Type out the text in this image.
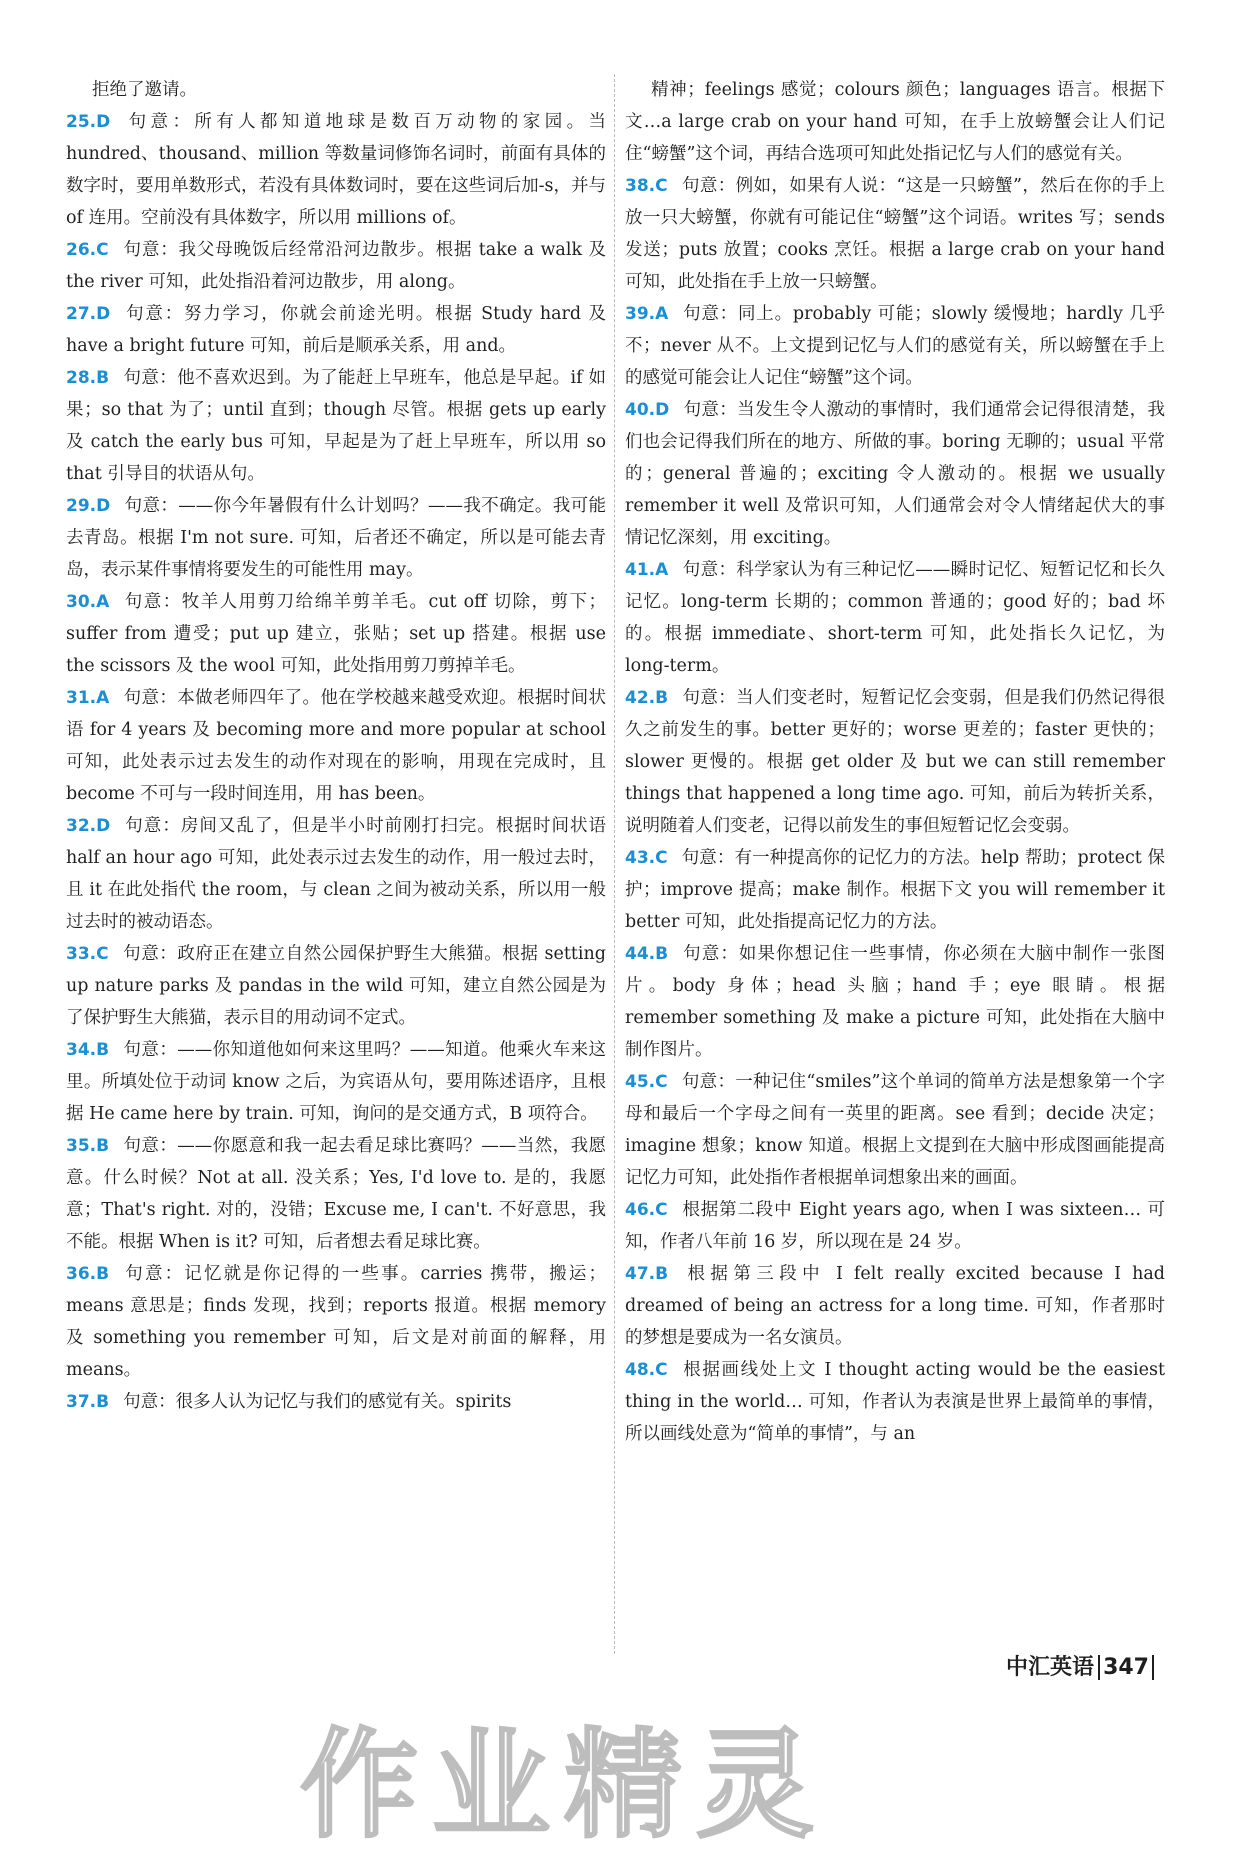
拒绝了邀请。

25.D 句意：所有人都知道地球是数百万动物的家园。当 hundred、thousand、million 等数量词修饰名词时，前面有具体的数字时，要用单数形式，若没有具体数词时，要在这些词后加-s，并与 of 连用。空前没有具体数字，所以用 millions of。

26.C 句意：我父母晚饭后经常沿河边散步。根据 take a walk 及 the river 可知，此处指沿着河边散步，用 along。

27.D 句意：努力学习，你就会前途光明。根据 Study hard 及 have a bright future 可知，前后是顺承关系，用 and。

28.B 句意：他不喜欢迟到。为了能赶上早班车，他总是早起。if 如果；so that 为了；until 直到；though 尽管。根据 gets up early 及 catch the early bus 可知，早起是为了赶上早班车，所以用 so that 引导目的状语从句。

29.D 句意：——你今年暑假有什么计划吗？——我不确定。我可能去青岛。根据 I'm not sure. 可知，后者还不确定，所以是可能去青岛，表示某件事情将要发生的可能性用 may。

30.A 句意：牧羊人用剪刀给绵羊剪羊毛。cut off 切除，剪下；suffer from 遭受；put up 建立，张贴；set up 搭建。根据 use the scissors 及 the wool 可知，此处指用剪刀剪掉羊毛。

31.A 句意：本做老师四年了。他在学校越来越受欢迎。根据时间状语 for 4 years 及 becoming more and more popular at school 可知，此处表示过去发生的动作对现在的影响，用现在完成时，且 become 不可与一段时间连用，用 has been。

32.D 句意：房间又乱了，但是半小时前刚打扫完。根据时间状语 half an hour ago 可知，此处表示过去发生的动作，用一般过去时，且 it 在此处指代 the room，与 clean 之间为被动关系，所以用一般过去时的被动语态。

33.C 句意：政府正在建立自然公园保护野生大熊猫。根据 setting up nature parks 及 pandas in the wild 可知，建立自然公园是为了保护野生大熊猫，表示目的用动词不定式。

34.B 句意：——你知道他如何来这里吗？——知道。他乘火车来这里。所填处位于动词 know 之后，为宾语从句，要用陈述语序，且根据 He came here by train. 可知，询问的是交通方式，B 项符合。

35.B 句意：——你愿意和我一起去看足球比赛吗？——当然，我愿意。什么时候？Not at all. 没关系；Yes, I'd love to. 是的，我愿意；That's right. 对的，没错；Excuse me, I can't. 不好意思，我不能。根据 When is it? 可知，后者想去看足球比赛。

36.B 句意：记忆就是你记得的一些事。carries 携带，搬运；means 意思是；finds 发现，找到；reports 报道。根据 memory 及 something you remember 可知，后文是对前面的解释，用 means。

37.B 句意：很多人认为记忆与我们的感觉有关。spirits

精神；feelings 感觉；colours 颜色；languages 语言。根据下文…a large crab on your hand 可知，在手上放螃蟹会让人们记住“螃蟹”这个词，再结合选项可知此处指记忆与人们的感觉有关。

38.C 句意：例如，如果有人说：“这是一只螃蟹”，然后在你的手上放一只大螃蟹，你就有可能记住“螃蟹”这个词语。writes 写；sends 发送；puts 放置；cooks 烹饪。根据 a large crab on your hand 可知，此处指在手上放一只螃蟹。

39.A 句意：同上。probably 可能；slowly 缓慢地；hardly 几乎不；never 从不。上文提到记忆与人们的感觉有关，所以螃蟹在手上的感觉可能会让人记住“螃蟹”这个词。

40.D 句意：当发生令人激动的事情时，我们通常会记得很清楚，我们也会记得我们所在的地方、所做的事。boring 无聊的；usual 平常的；general 普遍的；exciting 令人激动的。根据 we usually remember it well 及常识可知，人们通常会对令人情绪起伏大的事情记忆深刻，用 exciting。

41.A 句意：科学家认为有三种记忆——瞬时记忆、短暂记忆和长久记忆。long-term 长期的；common 普通的；good 好的；bad 坏的。根据 immediate、short-term 可知，此处指长久记忆，为 long-term。

42.B 句意：当人们变老时，短暂记忆会变弱，但是我们仍然记得很久之前发生的事。better 更好的；worse 更差的；faster 更快的；slower 更慢的。根据 get older 及 but we can still remember things that happened a long time ago. 可知，前后为转折关系，说明随着人们变老，记得以前发生的事但短暂记忆会变弱。

43.C 句意：有一种提高你的记忆力的方法。help 帮助；protect 保护；improve 提高；make 制作。根据下文 you will remember it better 可知，此处指提高记忆力的方法。

44.B 句意：如果你想记住一些事情，你必须在大脑中制作一张图片。body 身体；head 头脑；hand 手；eye 眼睛。根据 remember something 及 make a picture 可知，此处指在大脑中制作图片。

45.C 句意：一种记住“smiles”这个单词的简单方法是想象第一个字母和最后一个字母之间有一英里的距离。see 看到；decide 决定；imagine 想象；know 知道。根据上文提到在大脑中形成图画能提高记忆力可知，此处指作者根据单词想象出来的画面。

46.C 根据第二段中 Eight years ago, when I was sixteen… 可知，作者八年前 16 岁，所以现在是 24 岁。

47.B 根据第三段中 I felt really excited because I had dreamed of being an actress for a long time. 可知，作者那时的梦想是要成为一名女演员。

48.C 根据画线处上文 I thought acting would be the easiest thing in the world… 可知，作者认为表演是世界上最简单的事情，所以画线处意为“简单的事情”，与 an

中汇英语 347
作业精灵
